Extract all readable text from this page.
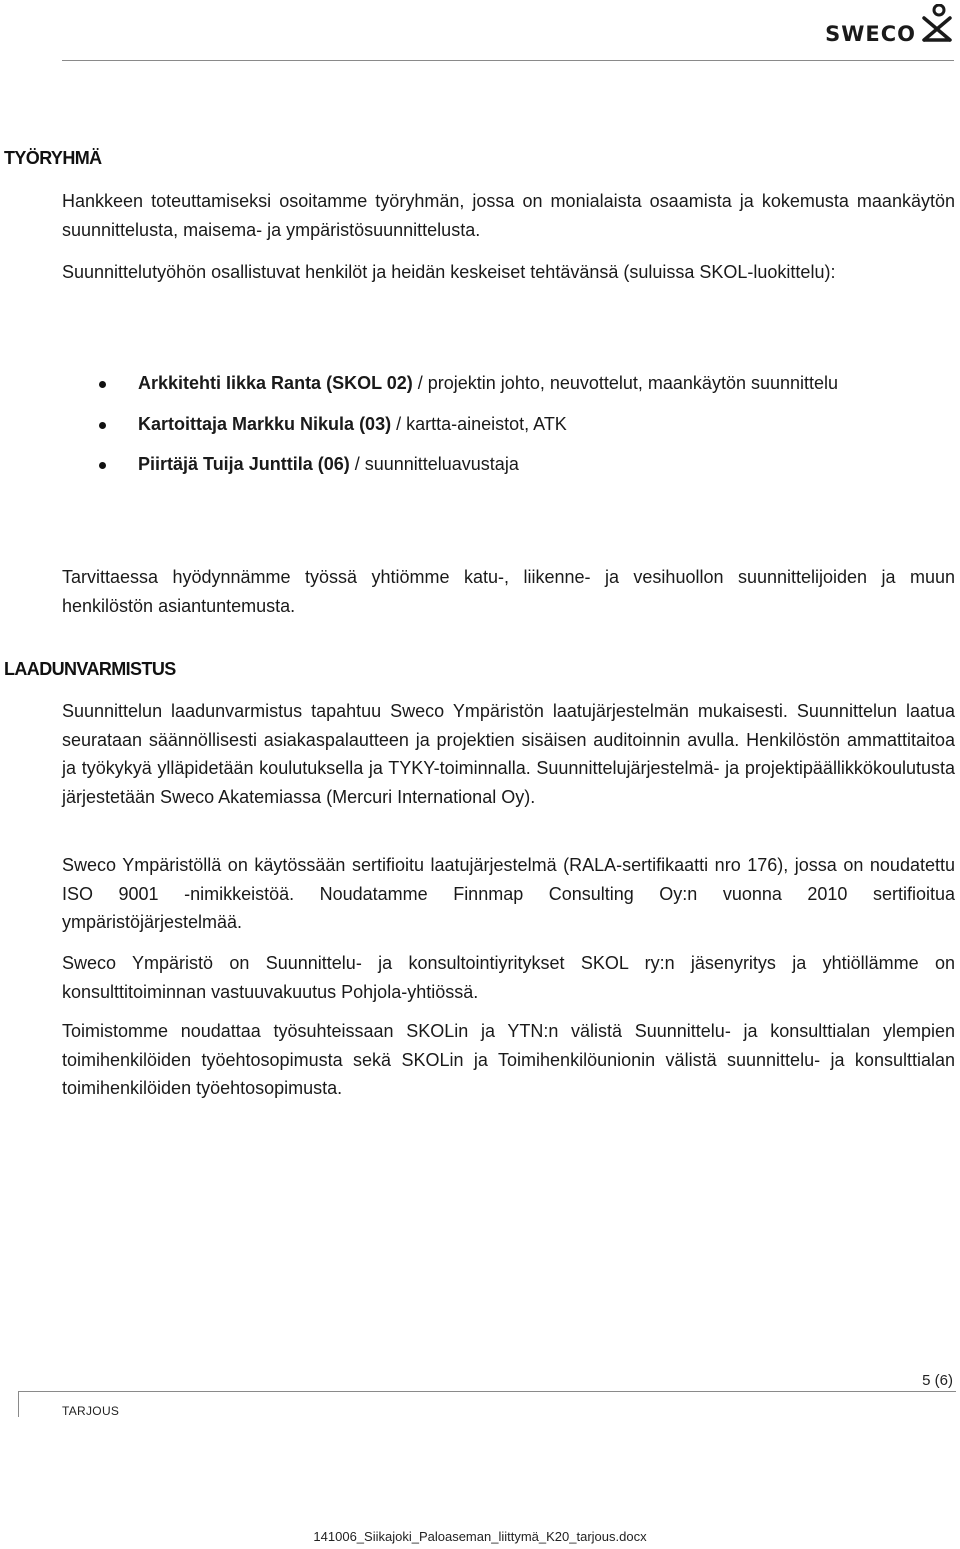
SWECO
TYÖRYHMÄ

Hankkeen toteuttamiseksi osoitamme työryhmän, jossa on monialaista osaamista ja kokemusta maankäytön suunnittelusta, maisema- ja ympäristösuunnittelusta.

Suunnittelutyöhön osallistuvat henkilöt ja heidän keskeiset tehtävänsä (suluissa SKOL-luokittelu):

Arkkitehti Iikka Ranta (SKOL 02) / projektin johto, neuvottelut, maankäytön suunnittelu
Kartoittaja Markku Nikula (03) / kartta-aineistot, ATK
Piirtäjä Tuija Junttila (06) / suunnitteluavustaja

Tarvittaessa hyödynnämme työssä yhtiömme katu-, liikenne- ja vesihuollon suunnittelijoiden ja muun henkilöstön asiantuntemusta.

LAADUNVARMISTUS

Suunnittelun laadunvarmistus tapahtuu Sweco Ympäristön laatujärjestelmän mukaisesti. Suunnittelun laatua seurataan säännöllisesti asiakaspalautteen ja projektien sisäisen auditoinnin avulla. Henkilöstön ammattitaitoa ja työkykyä ylläpidetään koulutuksella ja TYKY-toiminnalla. Suunnittelujärjestelmä- ja projektipäällikkökoulutusta järjestetään Sweco Akatemiassa (Mercuri International Oy).

Sweco Ympäristöllä on käytössään sertifioitu laatujärjestelmä (RALA-sertifikaatti nro 176), jossa on noudatettu ISO 9001 -nimikkeistöä. Noudatamme Finnmap Consulting Oy:n vuonna 2010 sertifioitua ympäristöjärjestelmää.

Sweco Ympäristö on Suunnittelu- ja konsultointiyritykset SKOL ry:n jäsenyritys ja yhtiöllämme on konsulttitoiminnan vastuuvakuutus Pohjola-yhtiössä.

Toimistomme noudattaa työsuhteissaan SKOLin ja YTN:n välistä Suunnittelu- ja konsulttialan ylempien toimihenkilöiden työehtosopimusta sekä SKOLin ja Toimihenkilöunionin välistä suunnittelu- ja konsulttialan toimihenkilöiden työehtosopimusta.

5 (6)
TARJOUS
141006_Siikajoki_Paloaseman_liittymä_K20_tarjous.docx
